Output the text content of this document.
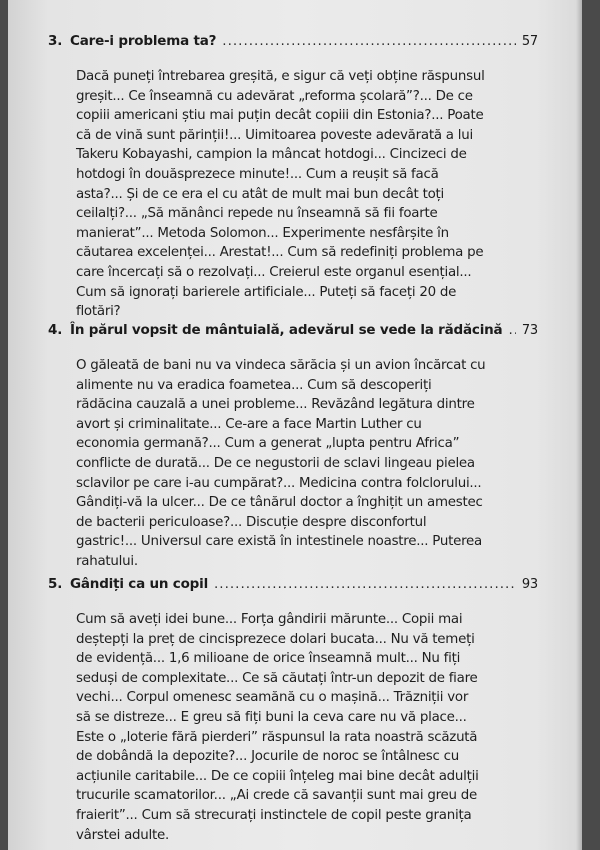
3. Care-i problema ta? .....	57
Dacă puneți întrebarea greșită, e sigur că veți obține răspunsul greșit... Ce înseamnă cu adevărat „reforma școlară”?... De ce copiii americani știu mai puțin decât copiii din Estonia?... Poate că de vină sunt părinții!... Uimitoarea poveste adevărată a lui Takeru Kobayashi, campion la mâncat hotdogi... Cincizeci de hotdogi în douăsprezece minute!... Cum a reușit să facă asta?... Și de ce era el cu atât de mult mai bun decât toți ceilalți?... „Să mănânci repede nu înseamnă să fii foarte manierat”... Metoda Solomon... Experimente nesfârșite în căutarea excelenței... Arestat!... Cum să redefiniți problema pe care încercați să o rezolvați... Creierul este organul esențial... Cum să ignorați barierele artificiale... Puteți să faceți 20 de flotări?
4. În părul vopsit de mântuială, adevărul se vede la rădăcină ..... 73
O găleată de bani nu va vindeca sărăcia și un avion încărcat cu alimente nu va eradica foametea... Cum să descoperiți rădăcina cauzală a unei probleme... Revăzând legătura dintre avort și criminalitate... Ce-are a face Martin Luther cu economia germană?... Cum a generat „lupta pentru Africa” conflicte de durată... De ce negustorii de sclavi lingeau pielea sclavilor pe care i-au cumpărat?... Medicina contra folclorului... Gândiți-vă la ulcer... De ce tânărul doctor a înghițit un amestec de bacterii periculoase?... Discuție despre disconfortul gastric!... Universul care există în intestinele noastre... Puterea rahatului.
5. Gândiți ca un copil .....	93
Cum să aveți idei bune... Forța gândirii mărunte... Copii mai deștepți la preț de cincisprezece dolari bucata... Nu vă temeți de evidență... 1,6 milioane de orice înseamnă mult... Nu fiți seduși de complexitate... Ce să căutați într-un depozit de fiare vechi... Corpul omenesc seamănă cu o mașină... Trăzniții vor să se distreze... E greu să fiți buni la ceva care nu vă place... Este o „loterie fără pierderi” răspunsul la rata noastră scăzută de dobândă la depozite?... Jocurile de noroc se întâlnesc cu acțiunile caritabile... De ce copiii înțeleg mai bine decât adulții trucurile scamatorilor... „Ai crede că savanții sunt mai greu de fraierit”... Cum să strecurați instinctele de copil peste granița vârstei adulte.
